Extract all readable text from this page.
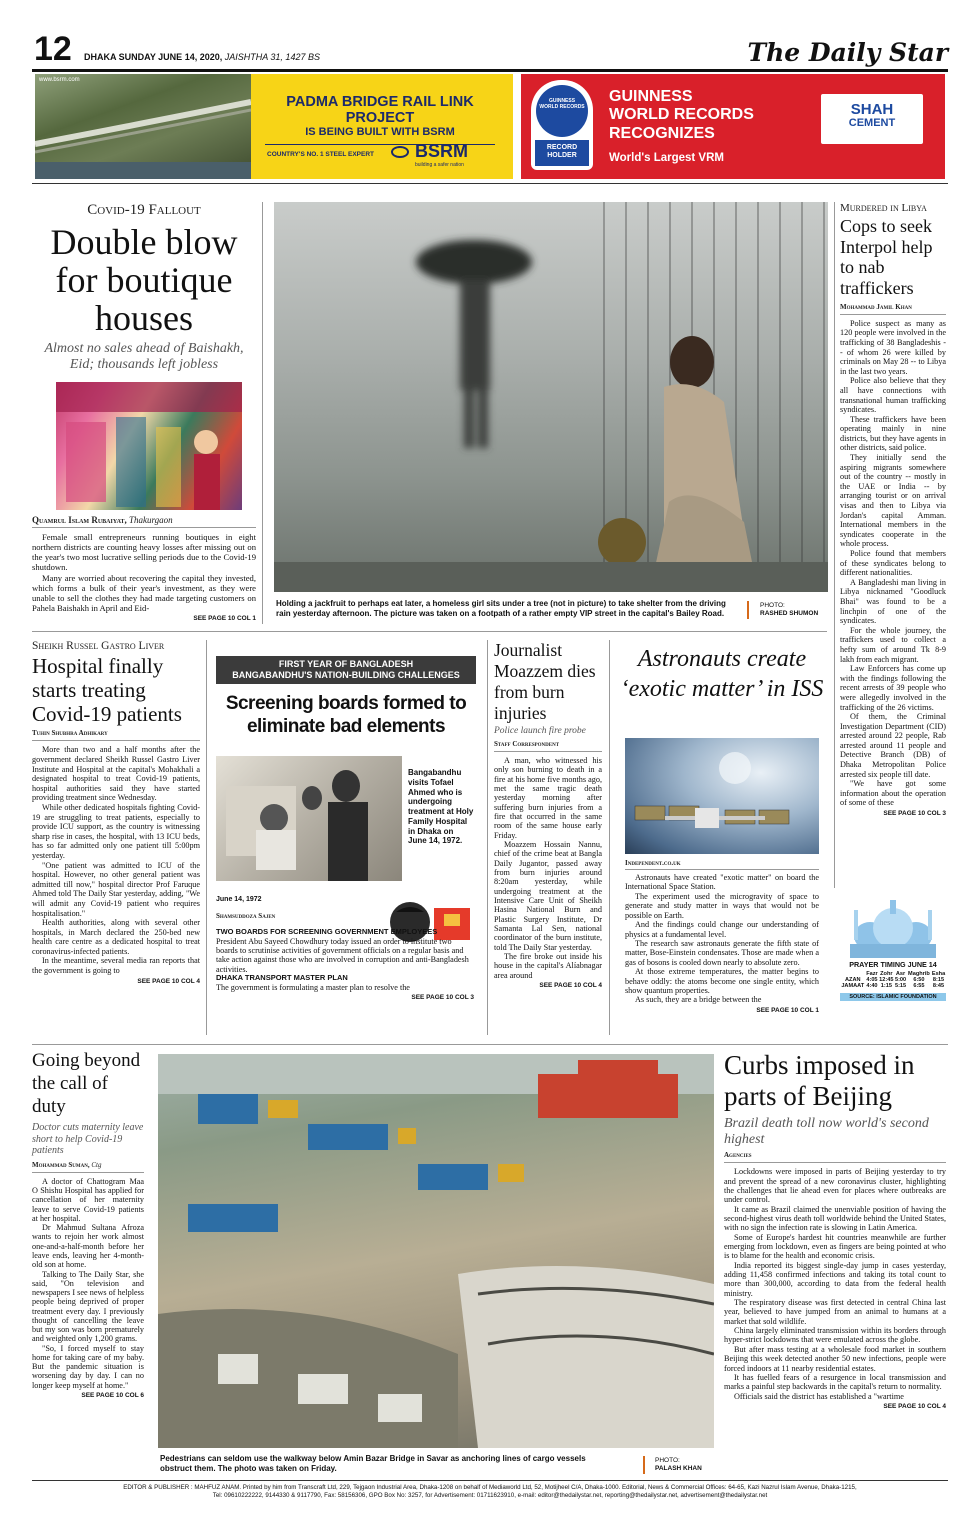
12 DHAKA SUNDAY JUNE 14, 2020, JAISHTHA 31, 1427 BS	The Daily Star
www.bsrm.com
PADMA BRIDGE RAIL LINK PROJECT
IS BEING BUILT WITH BSRM
COUNTRY'S NO. 1 STEEL EXPERT BSRM
building a safer nation
GUINNESS WORLD RECORDS
RECORD HOLDER
GUINNESS
WORLD RECORDS
RECOGNIZES
World's Largest VRM
SHAH
CEMENT
Covid-19 Fallout
Double blow for boutique houses
Almost no sales ahead of Baishakh, Eid; thousands left jobless
Quamrul Islam Rubaiyat, Thakurgaon

Female small entrepreneurs running boutiques in eight northern districts are counting heavy losses after missing out on the year's two most lucrative selling periods due to the Covid-19 shutdown.

Many are worried about recovering the capital they invested, which forms a bulk of their year's investment, as they were unable to sell the clothes they had made targeting customers on Pahela Baishakh in April and Eid-

SEE PAGE 10 COL 1
Holding a jackfruit to perhaps eat later, a homeless girl sits under a tree (not in picture) to take shelter from the driving rain yesterday afternoon. The picture was taken on a footpath of a rather empty VIP street in the capital's Bailey Road.
PHOTO:
RASHED SHUMON
Murdered in Libya
Cops to seek Interpol help to nab traffickers
Mohammad Jamil Khan

Police suspect as many as 120 people were involved in the trafficking of 38 Bangladeshis -- of whom 26 were killed by criminals on May 28 -- to Libya in the last two years.

Police also believe that they all have connections with transnational human trafficking syndicates.

These traffickers have been operating mainly in nine districts, but they have agents in other districts, said police.

They initially send the aspiring migrants somewhere out of the country -- mostly in the UAE or India -- by arranging tourist or on arrival visas and then to Libya via Jordan's capital Amman. International members in the syndicates cooperate in the whole process.

Police found that members of these syndicates belong to different nationalities.

A Bangladeshi man living in Libya nicknamed "Goodluck Bhai" was found to be a linchpin of one of the syndicates.

For the whole journey, the traffickers used to collect a hefty sum of around Tk 8-9 lakh from each migrant.

Law Enforcers has come up with the findings following the recent arrests of 39 people who were allegedly involved in the trafficking of the 26 victims.

Of them, the Criminal Investigation Department (CID) arrested around 22 people, Rab arrested around 11 people and Detective Branch (DB) of Dhaka Metropolitan Police arrested six people till date.

"We have got some information about the operation of some of these

SEE PAGE 10 COL 3
PRAYER TIMING JUNE 14
	Fazr	Zohr	Asr	Maghrib	Esha
AZAN	4:05	12:45	5:00	6:50	8:15
JAMAAT	4:40	1:15	5:15	6:55	8:45
SOURCE: ISLAMIC FOUNDATION
Sheikh Russel Gastro Liver
Hospital finally starts treating Covid-19 patients
Tuhin Shubhra Adhikary

More than two and a half months after the government declared Sheikh Russel Gastro Liver Institute and Hospital at the capital's Mohakhali a designated hospital to treat Covid-19 patients, hospital authorities said they have started providing treatment since Wednesday.

While other dedicated hospitals fighting Covid-19 are struggling to treat patients, especially to provide ICU support, as the country is witnessing sharp rise in cases, the hospital, with 13 ICU beds, has so far admitted only one patient till 5:00pm yesterday.

"One patient was admitted to ICU of the hospital. However, no other general patient was admitted till now," hospital director Prof Faruque Ahmed told The Daily Star yesterday, adding, "We will admit any Covid-19 patient who requires hospitalisation."

Health authorities, along with several other hospitals, in March declared the 250-bed new health care centre as a dedicated hospital to treat coronavirus-infected patients.

In the meantime, several media ran reports that the government is going to

SEE PAGE 10 COL 4
FIRST YEAR OF BANGLADESH
BANGABANDHU'S NATION-BUILDING CHALLENGES
Screening boards formed to eliminate bad elements
Bangabandhu visits Tofael Ahmed who is undergoing treatment at Holy Family Hospital in Dhaka on June 14, 1972.
June 14, 1972
Shamsuddoza Sajen
TWO BOARDS FOR SCREENING GOVERNMENT EMPLOYEES
President Abu Sayeed Chowdhury today issued an order to institute two boards to scrutinise activities of government officials on a regular basis and take action against those who are involved in corruption and anti-Bangladesh activities.
DHAKA TRANSPORT MASTER PLAN
The government is formulating a master plan to resolve the
SEE PAGE 10 COL 3
Journalist Moazzem dies from burn injuries
Police launch fire probe
Staff Correspondent

A man, who witnessed his only son burning to death in a fire at his home five months ago, met the same tragic death yesterday morning after suffering burn injuries from a fire that occurred in the same room of the same house early Friday.

Moazzem Hossain Nannu, chief of the crime beat at Bangla Daily Jugantor, passed away from burn injuries around 8:20am yesterday, while undergoing treatment at the Intensive Care Unit of Sheikh Hasina National Burn and Plastic Surgery Institute, Dr Samanta Lal Sen, national coordinator of the burn institute, told The Daily Star yesterday.

The fire broke out inside his house in the capital's Alíabnagar area around

SEE PAGE 10 COL 4
Astronauts create ‘exotic matter’ in ISS
Independent.co.uk

Astronauts have created "exotic matter" on board the International Space Station.

The experiment used the microgravity of space to generate and study matter in ways that would not be possible on Earth.

And the findings could change our understanding of physics at a fundamental level.

The research saw astronauts generate the fifth state of matter, Bose-Einstein condensates. Those are made when a gas of bosons is cooled down nearly to absolute zero.

At those extreme temperatures, the matter begins to behave oddly: the atoms become one single entity, which show quantum properties.

As such, they are a bridge between the

SEE PAGE 10 COL 1
Going beyond the call of duty
Doctor cuts maternity leave short to help Covid-19 patients
Mohammad Suman, Ctg

A doctor of Chattogram Maa O Shishu Hospital has applied for cancellation of her maternity leave to serve Covid-19 patients at her hospital.

Dr Mahmud Sultana Afroza wants to rejoin her work almost one-and-a-half-month before her leave ends, leaving her 4-month-old son at home.

Talking to The Daily Star, she said, "On television and newspapers I see news of helpless people being deprived of proper treatment every day. I previously thought of cancelling the leave but my son was born prematurely and weighted only 1,200 grams.

"So, I forced myself to stay home for taking care of my baby. But the pandemic situation is worsening day by day. I can no longer keep myself at home."

SEE PAGE 10 COL 6
Pedestrians can seldom use the walkway below Amin Bazar Bridge in Savar as anchoring lines of cargo vessels obstruct them. The photo was taken on Friday.
PHOTO:
PALASH KHAN
Curbs imposed in parts of Beijing
Brazil death toll now world's second highest
Agencies

Lockdowns were imposed in parts of Beijing yesterday to try and prevent the spread of a new coronavirus cluster, highlighting the challenges that lie ahead even for places where outbreaks are under control.

It came as Brazil claimed the unenviable position of having the second-highest virus death toll worldwide behind the United States, with no sign the infection rate is slowing in Latin America.

Some of Europe's hardest hit countries meanwhile are further emerging from lockdown, even as fingers are being pointed at who is to blame for the health and economic crisis.

India reported its biggest single-day jump in cases yesterday, adding 11,458 confirmed infections and taking its total count to more than 300,000, according to data from the federal health ministry.

The respiratory disease was first detected in central China last year, believed to have jumped from an animal to humans at a market that sold wildlife.

China largely eliminated transmission within its borders through hyper-strict lockdowns that were emulated across the globe.

But after mass testing at a wholesale food market in southern Beijing this week detected another 50 new infections, people were forced indoors at 11 nearby residential estates.

It has fuelled fears of a resurgence in local transmission and marks a painful step backwards in the capital's return to normality.

Officials said the district has established a "wartime

SEE PAGE 10 COL 4
EDITOR & PUBLISHER : MAHFUZ ANAM. Printed by him from Transcraft Ltd, 229, Tejgaon Industrial Area, Dhaka-1208 on behalf of Mediaworld Ltd, 52, Motijheel C/A, Dhaka-1000. Editorial, News & Commercial Offices: 64-65, Kazi Nazrul Islam Avenue, Dhaka-1215,
Tel: 09610222222, 9144330 & 9117790, Fax: 58156306, GPO Box No: 3257, for Advertisement: 01711623910, e-mail: editor@thedailystar.net, reporting@thedailystar.net, advertisement@thedailystar.net
